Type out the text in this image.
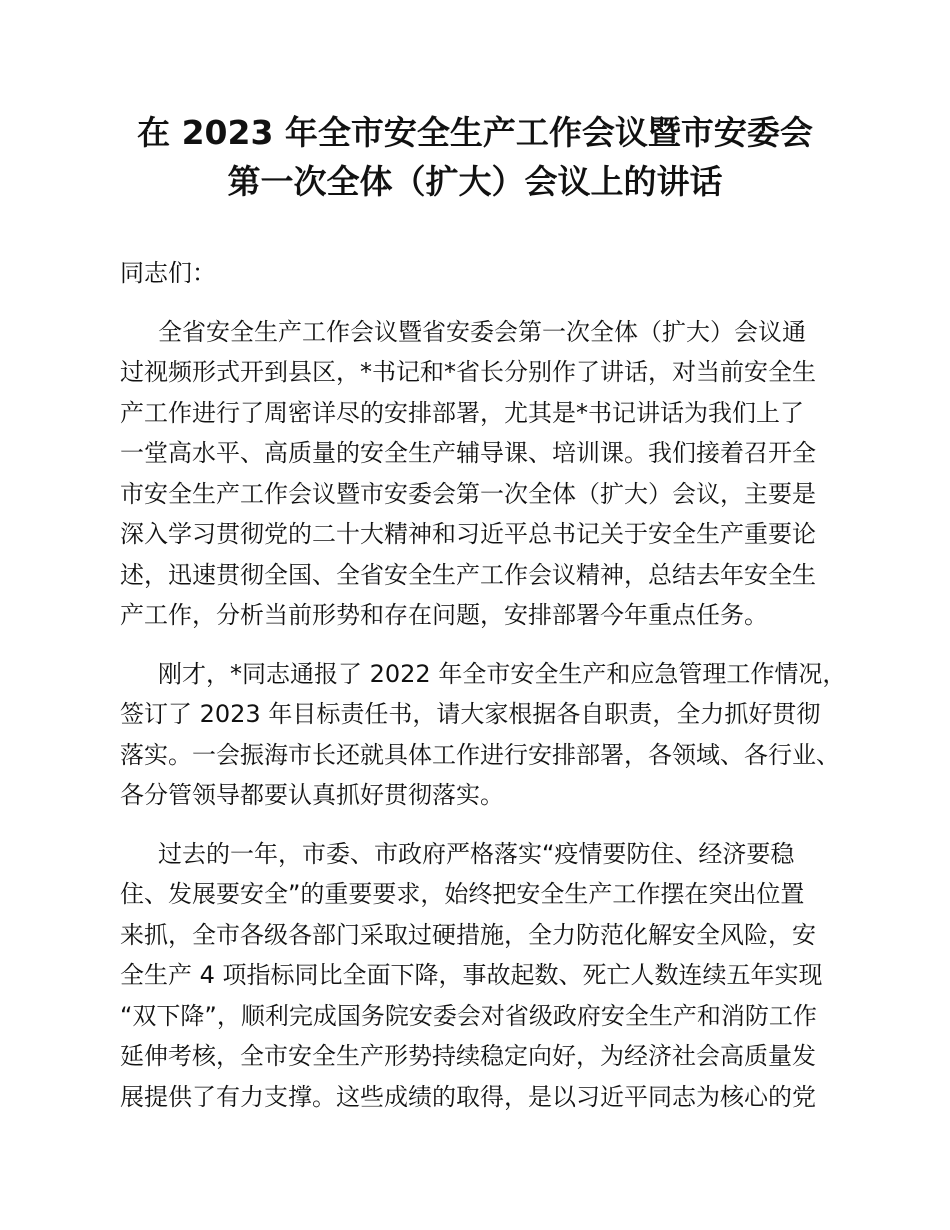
在 2023 年全市安全生产工作会议暨市安委会
第一次全体（扩大）会议上的讲话
同志们：
全省安全生产工作会议暨省安委会第一次全体（扩大）会议通
过视频形式开到县区，*书记和*省长分别作了讲话，对当前安全生
产工作进行了周密详尽的安排部署，尤其是*书记讲话为我们上了
一堂高水平、高质量的安全生产辅导课、培训课。我们接着召开全
市安全生产工作会议暨市安委会第一次全体（扩大）会议，主要是
深入学习贯彻党的二十大精神和习近平总书记关于安全生产重要论
述，迅速贯彻全国、全省安全生产工作会议精神，总结去年安全生
产工作，分析当前形势和存在问题，安排部署今年重点任务。
刚才，*同志通报了 2022 年全市安全生产和应急管理工作情况，
签订了 2023 年目标责任书，请大家根据各自职责，全力抓好贯彻
落实。一会振海市长还就具体工作进行安排部署，各领域、各行业、
各分管领导都要认真抓好贯彻落实。
过去的一年，市委、市政府严格落实“疫情要防住、经济要稳
住、发展要安全”的重要要求，始终把安全生产工作摆在突出位置
来抓，全市各级各部门采取过硬措施，全力防范化解安全风险，安
全生产 4 项指标同比全面下降，事故起数、死亡人数连续五年实现
“双下降”，顺利完成国务院安委会对省级政府安全生产和消防工作
延伸考核，全市安全生产形势持续稳定向好，为经济社会高质量发
展提供了有力支撑。这些成绩的取得，是以习近平同志为核心的党
